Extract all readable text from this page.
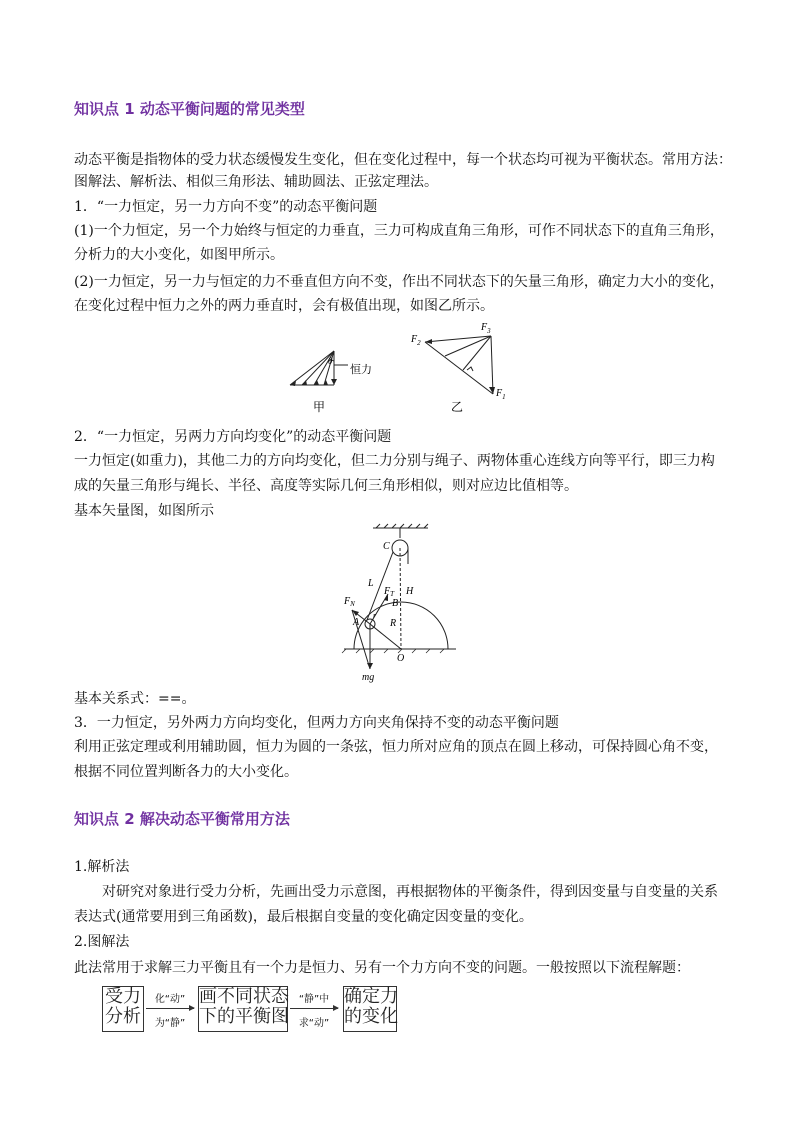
知识点 1 动态平衡问题的常见类型
动态平衡是指物体的受力状态缓慢发生变化，但在变化过程中，每一个状态均可视为平衡状态。常用方法：
图解法、解析法、相似三角形法、辅助圆法、正弦定理法。
1．“一力恒定，另一力方向不变”的动态平衡问题
(1)一个力恒定，另一个力始终与恒定的力垂直，三力可构成直角三角形，可作不同状态下的直角三角形，
分析力的大小变化，如图甲所示。
(2)一力恒定，另一力与恒定的力不垂直但方向不变，作出不同状态下的矢量三角形，确定力大小的变化，
在变化过程中恒力之外的两力垂直时，会有极值出现，如图乙所示。
θ
恒力
甲
$F_3$
$F_2$
$F_1$
乙
2．“一力恒定，另两力方向均变化”的动态平衡问题
一力恒定(如重力)，其他二力的方向均变化，但二力分别与绳子、两物体重心连线方向等平行，即三力构
成的矢量三角形与绳长、半径、高度等实际几何三角形相似，则对应边比值相等。
基本矢量图，如图所示
C
L
$F_T$ H
B
$F_N$
A
r
R
O
mg
基本关系式：==。
3．一力恒定，另外两力方向均变化，但两力方向夹角保持不变的动态平衡问题
利用正弦定理或利用辅助圆，恒力为圆的一条弦，恒力所对应角的顶点在圆上移动，可保持圆心角不变，
根据不同位置判断各力的大小变化。
知识点 2 解决动态平衡常用方法
1.解析法
对研究对象进行受力分析，先画出受力示意图，再根据物体的平衡条件，得到因变量与自变量的关系
表达式(通常要用到三角函数)，最后根据自变量的变化确定因变量的变化。
2.图解法
此法常用于求解三力平衡且有一个力是恒力、另有一个力方向不变的问题。一般按照以下流程解题：
受力
分析
化“动”
为“静”
画不同状态
下的平衡图
“静”中
求“动”
确定力
的变化
